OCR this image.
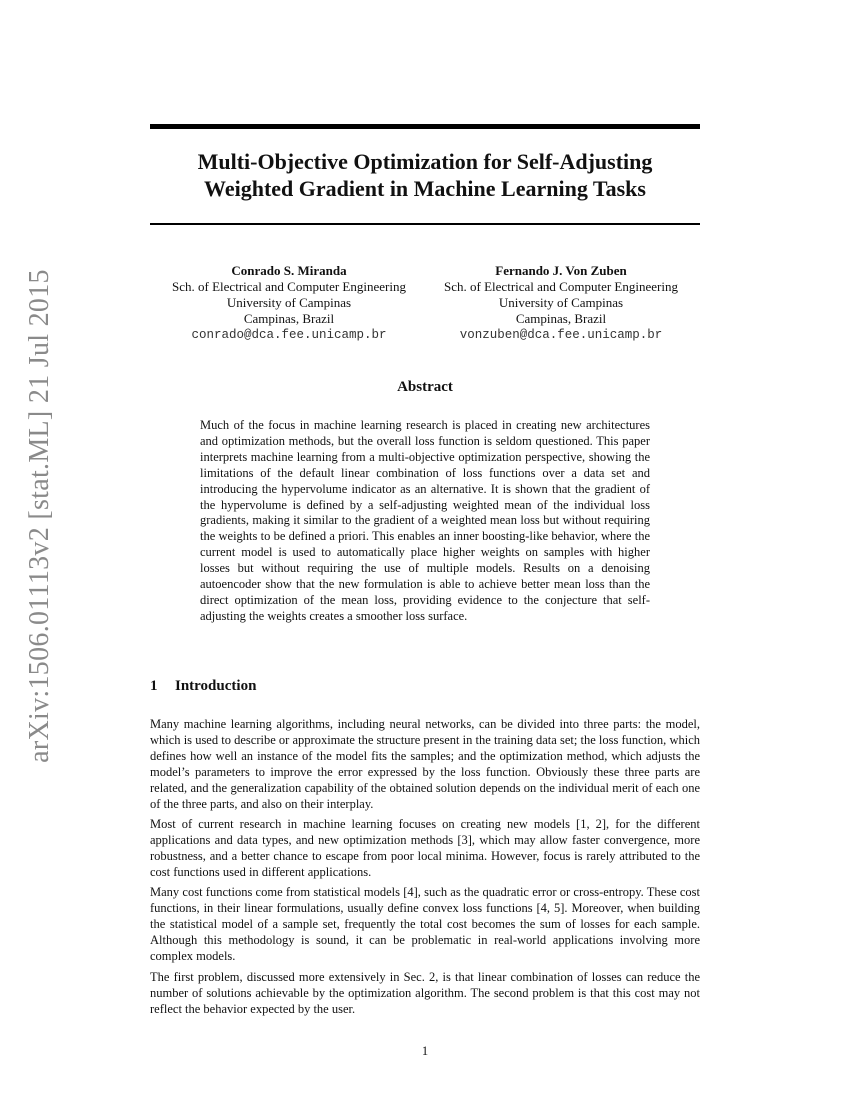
arXiv:1506.01113v2 [stat.ML] 21 Jul 2015
Multi-Objective Optimization for Self-Adjusting
Weighted Gradient in Machine Learning Tasks
Conrado S. Miranda
Sch. of Electrical and Computer Engineering
University of Campinas
Campinas, Brazil
conrado@dca.fee.unicamp.br
Fernando J. Von Zuben
Sch. of Electrical and Computer Engineering
University of Campinas
Campinas, Brazil
vonzuben@dca.fee.unicamp.br
Abstract

Much of the focus in machine learning research is placed in creating new architectures and optimization methods, but the overall loss function is seldom questioned. This paper interprets machine learning from a multi-objective optimization perspective, showing the limitations of the default linear combination of loss functions over a data set and introducing the hypervolume indicator as an alternative. It is shown that the gradient of the hypervolume is defined by a self-adjusting weighted mean of the individual loss gradients, making it similar to the gradient of a weighted mean loss but without requiring the weights to be defined a priori. This enables an inner boosting-like behavior, where the current model is used to automatically place higher weights on samples with higher losses but without requiring the use of multiple models. Results on a denoising autoencoder show that the new formulation is able to achieve better mean loss than the direct optimization of the mean loss, providing evidence to the conjecture that self-adjusting the weights creates a smoother loss surface.

1 Introduction

Many machine learning algorithms, including neural networks, can be divided into three parts: the model, which is used to describe or approximate the structure present in the training data set; the loss function, which defines how well an instance of the model fits the samples; and the optimization method, which adjusts the model’s parameters to improve the error expressed by the loss function. Obviously these three parts are related, and the generalization capability of the obtained solution depends on the individual merit of each one of the three parts, and also on their interplay.

Most of current research in machine learning focuses on creating new models [1, 2], for the different applications and data types, and new optimization methods [3], which may allow faster convergence, more robustness, and a better chance to escape from poor local minima. However, focus is rarely attributed to the cost functions used in different applications.

Many cost functions come from statistical models [4], such as the quadratic error or cross-entropy. These cost functions, in their linear formulations, usually define convex loss functions [4, 5]. Moreover, when building the statistical model of a sample set, frequently the total cost becomes the sum of losses for each sample. Although this methodology is sound, it can be problematic in real-world applications involving more complex models.

The first problem, discussed more extensively in Sec. 2, is that linear combination of losses can reduce the number of solutions achievable by the optimization algorithm. The second problem is that this cost may not reflect the behavior expected by the user.

1
